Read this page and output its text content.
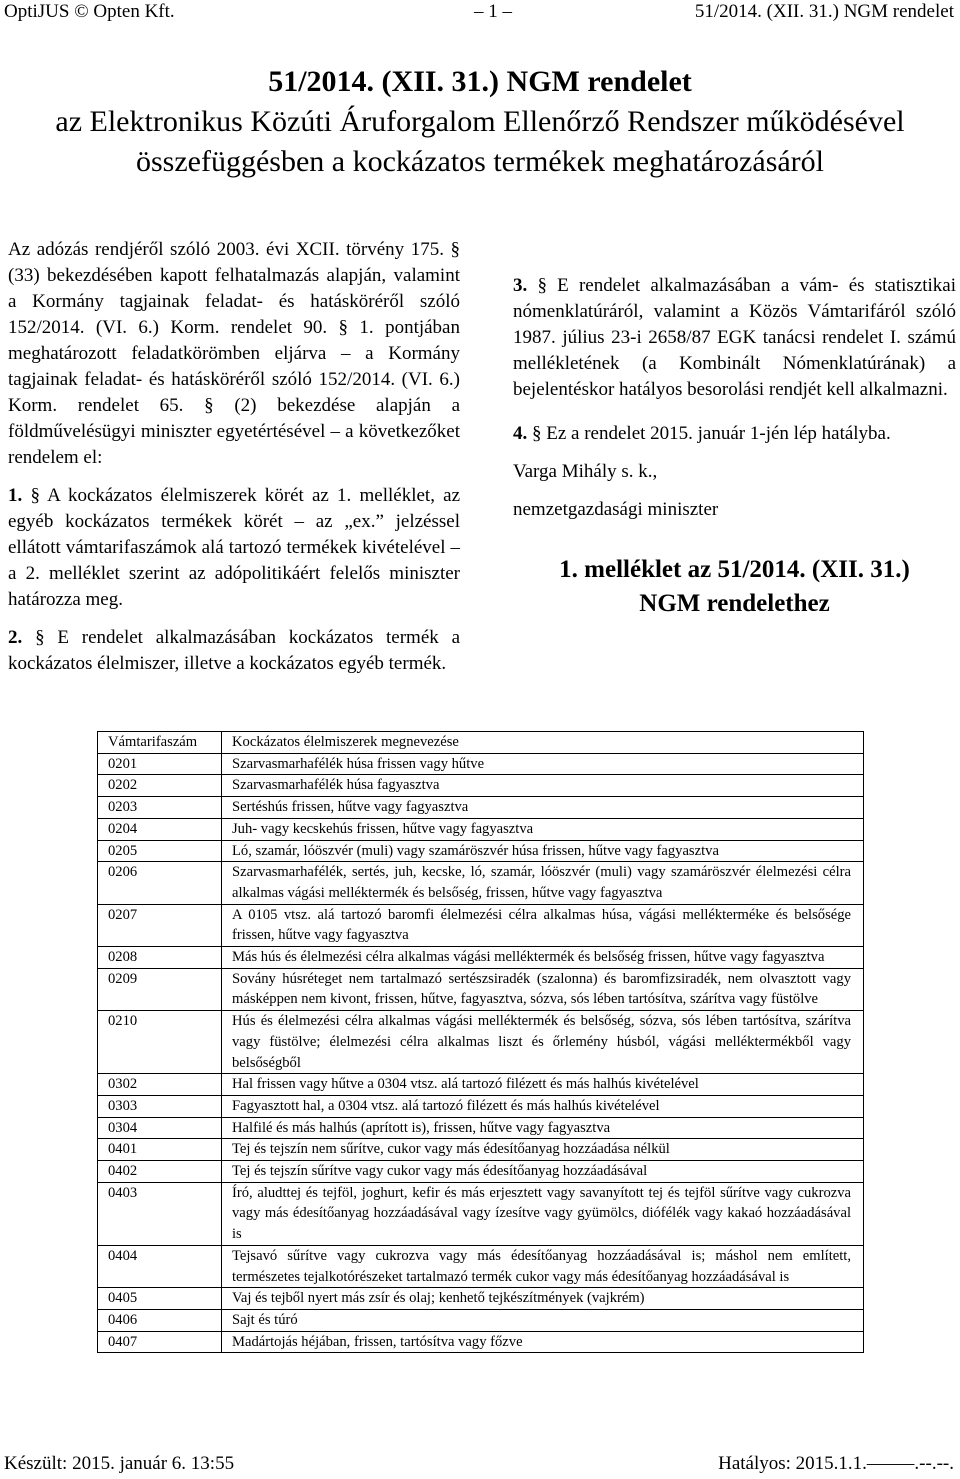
OptiJUS © Opten Kft.	– 1 –	51/2014. (XII. 31.) NGM rendelet
51/2014. (XII. 31.) NGM rendelet
az Elektronikus Közúti Áruforgalom Ellenőrző Rendszer működésével
összefüggésben a kockázatos termékek meghatározásáról

Az adózás rendjéről szóló 2003. évi XCII. törvény 175. § (33) bekezdésében kapott felhatalmazás alapján, valamint a Kormány tagjainak feladat- és hatásköréről szóló 152/2014. (VI. 6.) Korm. rendelet 90. § 1. pontjában meghatározott feladatkörömben eljárva – a Kormány tagjainak feladat- és hatásköréről szóló 152/2014. (VI. 6.) Korm. rendelet 65. § (2) bekezdése alapján a földművelésügyi miniszter egyetértésével – a következőket rendelem el:

1. § A kockázatos élelmiszerek körét az 1. melléklet, az egyéb kockázatos termékek körét – az „ex.” jelzéssel ellátott vámtarifaszámok alá tartozó termékek kivételével – a 2. melléklet szerint az adópolitikáért felelős miniszter határozza meg.

2. § E rendelet alkalmazásában kockázatos termék a kockázatos élelmiszer, illetve a kockázatos egyéb termék.

3. § E rendelet alkalmazásában a vám- és statisztikai nómenklatúráról, valamint a Közös Vámtarifáról szóló 1987. július 23-i 2658/87 EGK tanácsi rendelet I. számú mellékletének (a Kombinált Nómenklatúrának) a bejelentéskor hatályos besorolási rendjét kell alkalmazni.

4. § Ez a rendelet 2015. január 1-jén lép hatályba.

Varga Mihály s. k.,
nemzetgazdasági miniszter
1. melléklet az 51/2014. (XII. 31.)
NGM rendelethez
Vámtarifaszám	Kockázatos élelmiszerek megnevezése
0201	Szarvasmarhafélék húsa frissen vagy hűtve
0202	Szarvasmarhafélék húsa fagyasztva
0203	Sertéshús frissen, hűtve vagy fagyasztva
0204	Juh- vagy kecskehús frissen, hűtve vagy fagyasztva
0205	Ló, szamár, lóöszvér (muli) vagy szamáröszvér húsa frissen, hűtve vagy fagyasztva
0206	Szarvasmarhafélék, sertés, juh, kecske, ló, szamár, lóöszvér (muli) vagy szamáröszvér élelmezési célra alkalmas vágási melléktermék és belsőség, frissen, hűtve vagy fagyasztva
0207	A 0105 vtsz. alá tartozó baromfi élelmezési célra alkalmas húsa, vágási mellékterméke és belsősége frissen, hűtve vagy fagyasztva
0208	Más hús és élelmezési célra alkalmas vágási melléktermék és belsőség frissen, hűtve vagy fagyasztva
0209	Sovány húsréteget nem tartalmazó sertészsiradék (szalonna) és baromfizsiradék, nem olvasztott vagy másképpen nem kivont, frissen, hűtve, fagyasztva, sózva, sós lében tartósítva, szárítva vagy füstölve
0210	Hús és élelmezési célra alkalmas vágási melléktermék és belsőség, sózva, sós lében tartósítva, szárítva vagy füstölve; élelmezési célra alkalmas liszt és őrlemény húsból, vágási melléktermékből vagy belsőségből
0302	Hal frissen vagy hűtve a 0304 vtsz. alá tartozó filézett és más halhús kivételével
0303	Fagyasztott hal, a 0304 vtsz. alá tartozó filézett és más halhús kivételével
0304	Halfilé és más halhús (aprított is), frissen, hűtve vagy fagyasztva
0401	Tej és tejszín nem sűrítve, cukor vagy más édesítőanyag hozzáadása nélkül
0402	Tej és tejszín sűrítve vagy cukor vagy más édesítőanyag hozzáadásával
0403	Író, aludttej és tejföl, joghurt, kefir és más erjesztett vagy savanyított tej és tejföl sűrítve vagy cukrozva vagy más édesítőanyag hozzáadásával vagy ízesítve vagy gyümölcs, diófélék vagy kakaó hozzáadásával is
0404	Tejsavó sűrítve vagy cukrozva vagy más édesítőanyag hozzáadásával is; máshol nem említett, természetes tejalkotórészeket tartalmazó termék cukor vagy más édesítőanyag hozzáadásával is
0405	Vaj és tejből nyert más zsír és olaj; kenhető tejkészítmények (vajkrém)
0406	Sajt és túró
0407	Madártojás héjában, frissen, tartósítva vagy főzve
Készült: 2015. január 6. 13:55	Hatályos: 2015.1.1.–––––.--.--.
